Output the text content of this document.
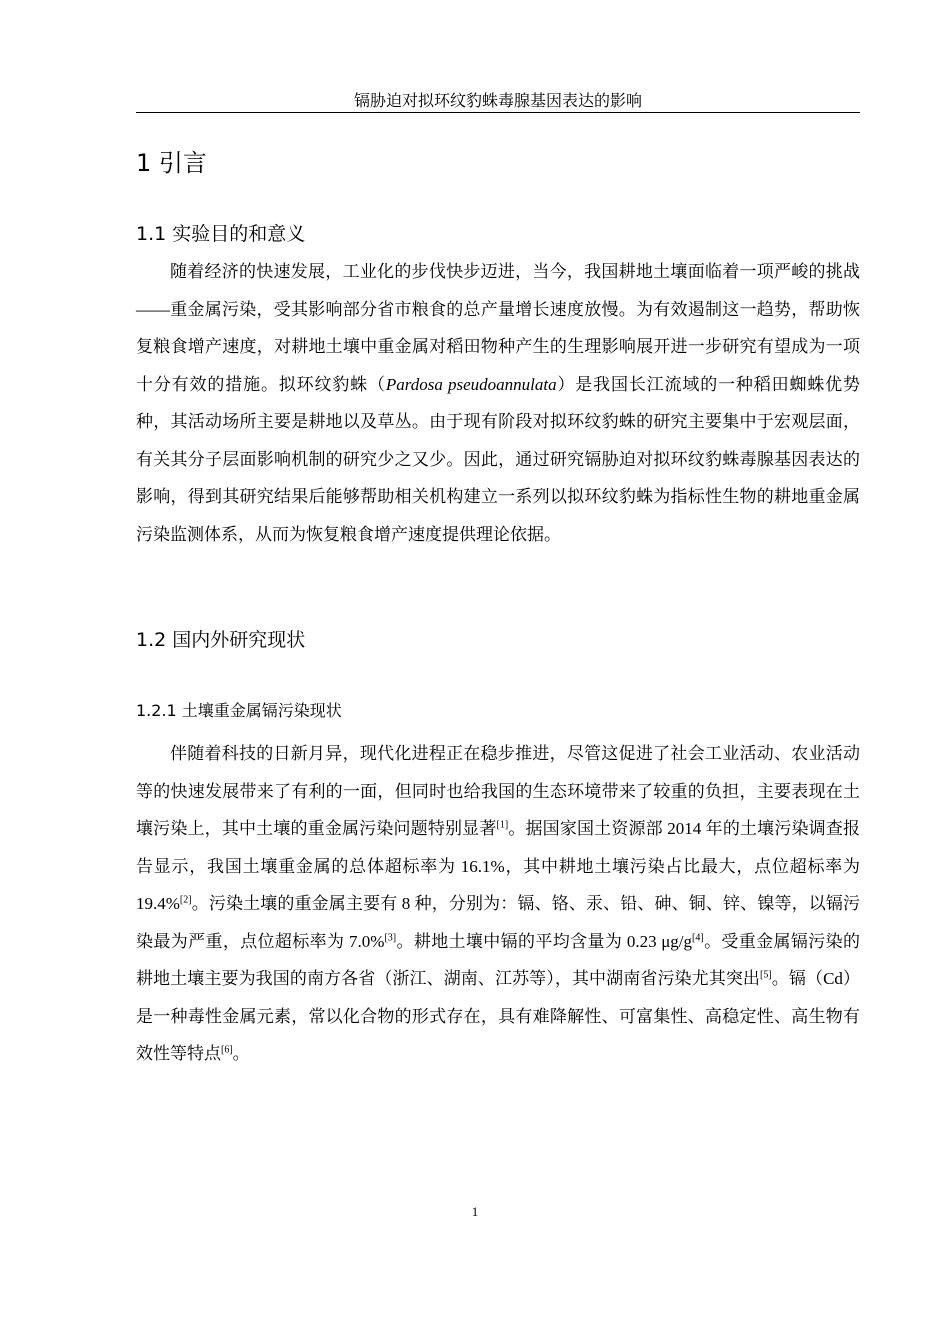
镉胁迫对拟环纹豹蛛毒腺基因表达的影响
1 引言
1.1 实验目的和意义

随着经济的快速发展，工业化的步伐快步迈进，当今，我国耕地土壤面临着一项严峻的挑战——重金属污染，受其影响部分省市粮食的总产量增长速度放慢。为有效遏制这一趋势，帮助恢复粮食增产速度，对耕地土壤中重金属对稻田物种产生的生理影响展开进一步研究有望成为一项十分有效的措施。拟环纹豹蛛（Pardosa pseudoannulata）是我国长江流域的一种稻田蜘蛛优势种，其活动场所主要是耕地以及草丛。由于现有阶段对拟环纹豹蛛的研究主要集中于宏观层面，有关其分子层面影响机制的研究少之又少。因此，通过研究镉胁迫对拟环纹豹蛛毒腺基因表达的影响，得到其研究结果后能够帮助相关机构建立一系列以拟环纹豹蛛为指标性生物的耕地重金属污染监测体系，从而为恢复粮食增产速度提供理论依据。

1.2 国内外研究现状
1.2.1 土壤重金属镉污染现状

伴随着科技的日新月异，现代化进程正在稳步推进，尽管这促进了社会工业活动、农业活动等的快速发展带来了有利的一面，但同时也给我国的生态环境带来了较重的负担，主要表现在土壤污染上，其中土壤的重金属污染问题特别显著[1]。据国家国土资源部 2014 年的土壤污染调查报告显示，我国土壤重金属的总体超标率为 16.1%，其中耕地土壤污染占比最大，点位超标率为 19.4%[2]。污染土壤的重金属主要有 8 种，分别为：镉、铬、汞、铅、砷、铜、锌、镍等，以镉污染最为严重，点位超标率为 7.0%[3]。耕地土壤中镉的平均含量为 0.23 μg/g[4]。受重金属镉污染的耕地土壤主要为我国的南方各省（浙江、湖南、江苏等），其中湖南省污染尤其突出[5]。镉（Cd）是一种毒性金属元素，常以化合物的形式存在，具有难降解性、可富集性、高稳定性、高生物有效性等特点[6]。

1
